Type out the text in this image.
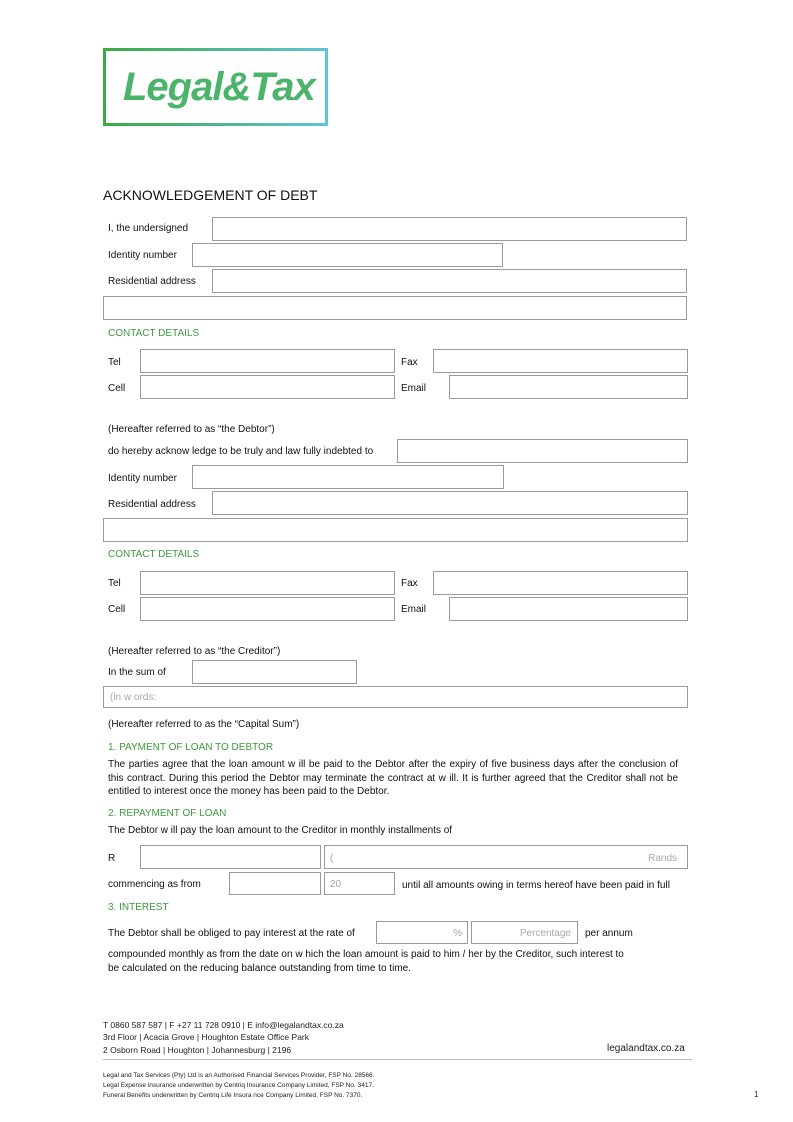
Legal&Tax
ACKNOWLEDGEMENT OF DEBT
I, the undersigned
Identity number
Residential address
CONTACT DETAILS
Tel	Fax
Cell	Email
(Hereafter referred to as “the Debtor”)
do hereby acknow ledge to be truly and law fully indebted to
Identity number
Residential address
CONTACT DETAILS
Tel	Fax
Cell	Email
(Hereafter referred to as “the Creditor”)
In the sum of
(in w ords:
(Hereafter referred to as the “Capital Sum”)
1. PAYMENT OF LOAN TO DEBTOR
The parties agree that the loan amount w ill be paid to the Debtor after the expiry of five business days after the conclusion of this contract. During this period the Debtor may terminate the contract at w ill. It is further agreed that the Creditor shall not be entitled to interest once the money has been paid to the Debtor.
2. REPAYMENT OF LOAN
The Debtor w ill pay the loan amount to the Creditor in monthly installments of
R	(	Rands
commencing as from	20	until all amounts owing in terms hereof have been paid in full
3. INTEREST
The Debtor shall be obliged to pay interest at the rate of	%	Percentage per annum
compounded monthly as from the date on w hich the loan amount is paid to him / her by the Creditor, such interest to
be calculated on the reducing balance outstanding from time to time.
T 0860 587 587 | F +27 11 728 0910 | E info@legalandtax.co.za
3rd Floor | Acacia Grove | Houghton Estate Office Park
2 Osborn Road | Houghton | Johannesburg | 2196	legalandtax.co.za
Legal and Tax Services (Pty) Ltd is an Authorised Financial Services Provider, FSP No. 28566.
Legal Expense insurance underwritten by Centriq Insurance Company Limited, FSP No. 3417.
Funeral Benefits underwritten by Centriq Life Insura nce Company Limited, FSP No. 7370.	1
